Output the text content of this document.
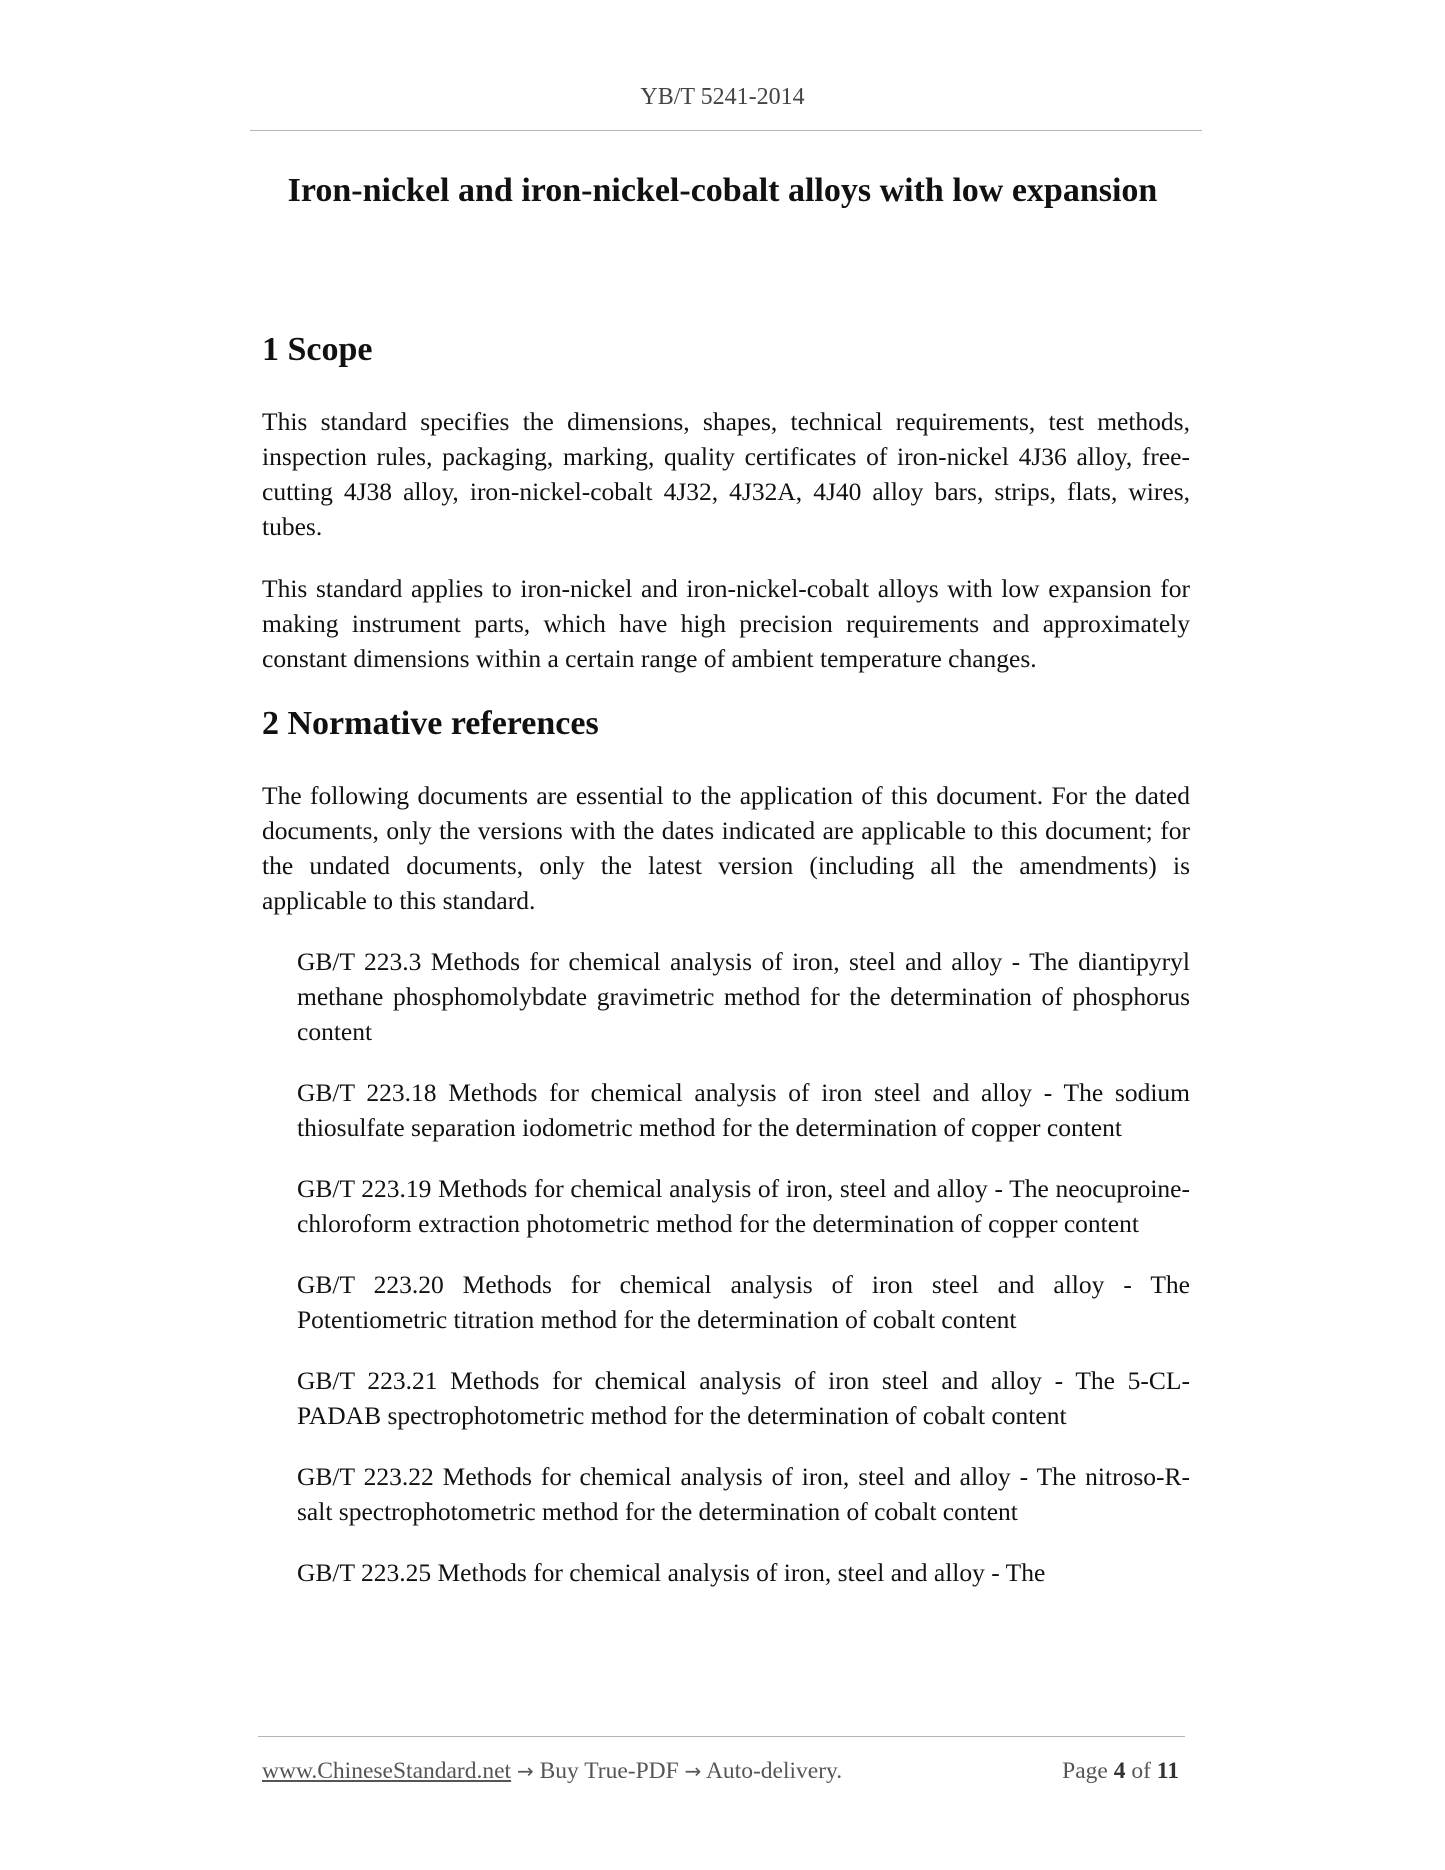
YB/T 5241-2014
Iron-nickel and iron-nickel-cobalt alloys with low expansion
1 Scope

This standard specifies the dimensions, shapes, technical requirements, test methods, inspection rules, packaging, marking, quality certificates of iron-nickel 4J36 alloy, free-cutting 4J38 alloy, iron-nickel-cobalt 4J32, 4J32A, 4J40 alloy bars, strips, flats, wires, tubes.

This standard applies to iron-nickel and iron-nickel-cobalt alloys with low expansion for making instrument parts, which have high precision requirements and approximately constant dimensions within a certain range of ambient temperature changes.

2 Normative references

The following documents are essential to the application of this document. For the dated documents, only the versions with the dates indicated are applicable to this document; for the undated documents, only the latest version (including all the amendments) is applicable to this standard.

GB/T 223.3 Methods for chemical analysis of iron, steel and alloy - The diantipyryl methane phosphomolybdate gravimetric method for the determination of phosphorus content
GB/T 223.18 Methods for chemical analysis of iron steel and alloy - The sodium thiosulfate separation iodometric method for the determination of copper content
GB/T 223.19 Methods for chemical analysis of iron, steel and alloy - The neocuproine-chloroform extraction photometric method for the determination of copper content
GB/T 223.20 Methods for chemical analysis of iron steel and alloy - The Potentiometric titration method for the determination of cobalt content
GB/T 223.21 Methods for chemical analysis of iron steel and alloy - The 5-CL-PADAB spectrophotometric method for the determination of cobalt content
GB/T 223.22 Methods for chemical analysis of iron, steel and alloy - The nitroso-R-salt spectrophotometric method for the determination of cobalt content
GB/T 223.25 Methods for chemical analysis of iron, steel and alloy - The
www.ChineseStandard.net → Buy True-PDF → Auto-delivery.	Page 4 of 11
